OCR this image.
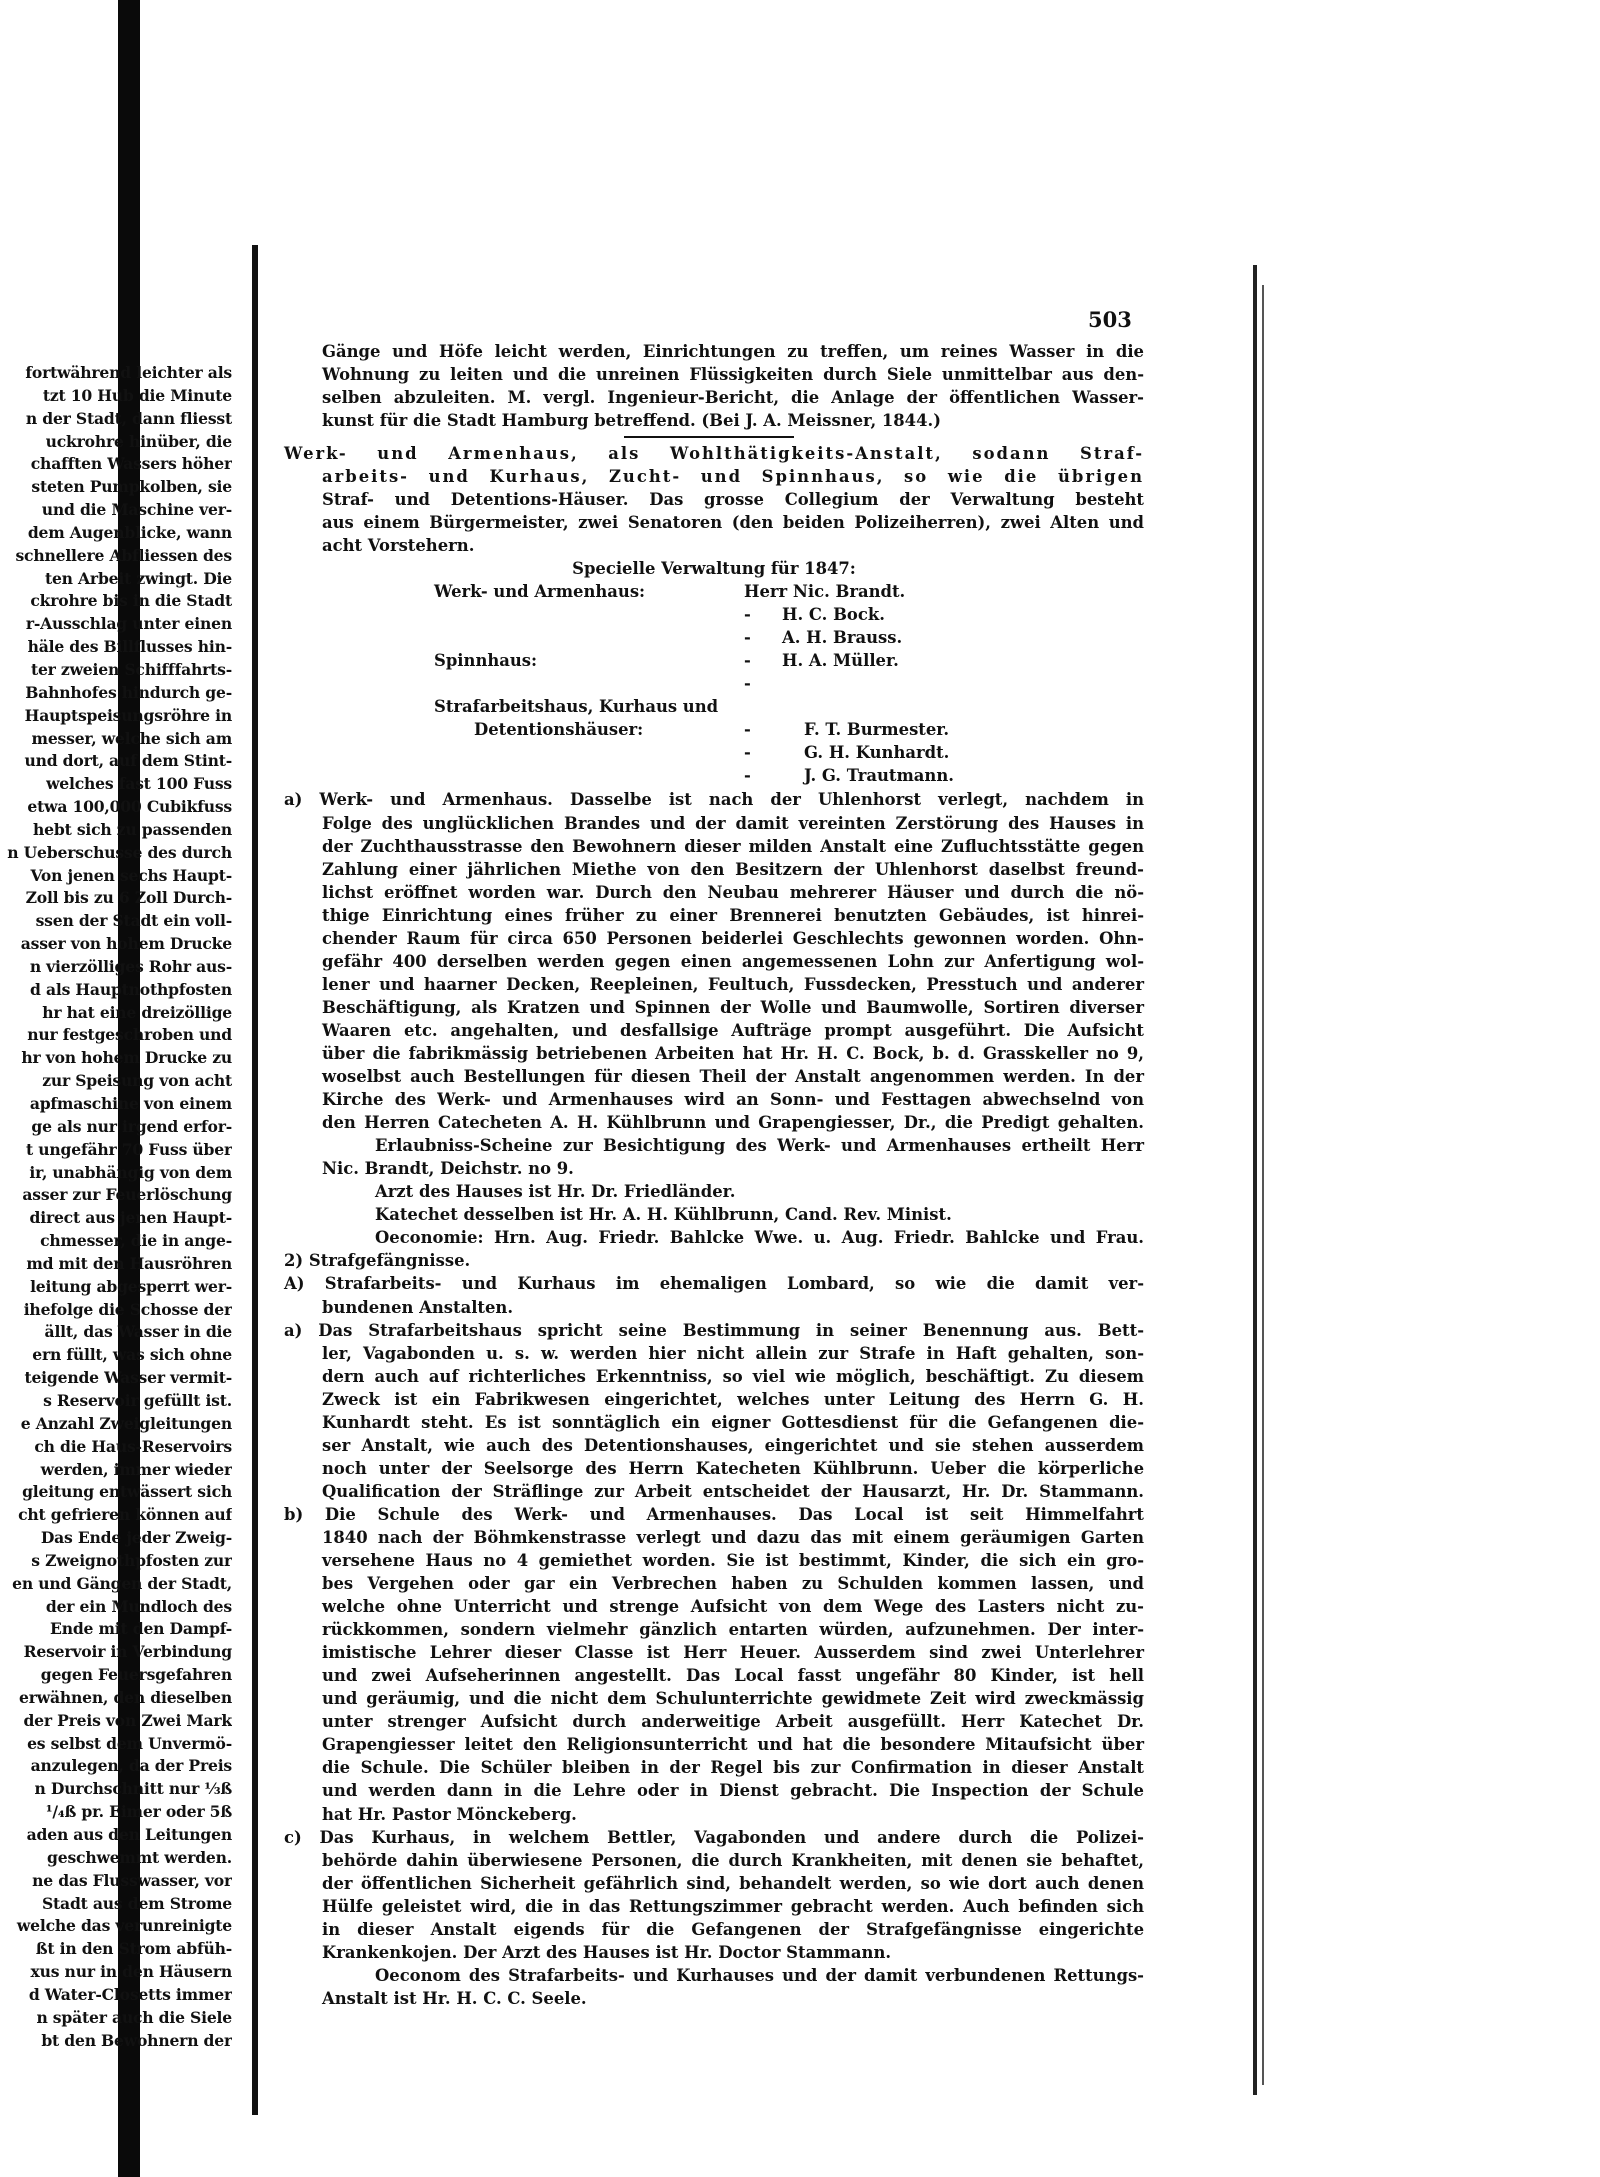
fortwährend leichter als
tzt 10 Hub die Minute
n der Stadt, dann fliesst
uckrohre hinüber, die
chafften Wassers höher
steten Pumpkolben, sie
und die Maschine ver-
dem Augenblicke, wann
schnellere Abfliessen des
ten Arbeit zwingt. Die
ckrohre bis in die Stadt
r-Ausschlag unter einen
häle des Billflusses hin-
ter zweien Schifffahrts-
Bahnhofes hindurch ge-
Hauptspeisungsröhre in
messer, welche sich am
und dort, auf dem Stint-
welches fast 100 Fuss
etwa 100,000 Cubikfuss
hebt sich zu passenden
n Ueberschusse des durch
Von jenen sechs Haupt-
Zoll bis zu 6 Zoll Durch-
ssen der Stadt ein voll-
asser von hohem Drucke
n vierzölliges Rohr aus-
d als Hauptnothpfosten
hr hat eine dreizöllige
nur festgeschroben und
hr von hohem Drucke zu
zur Speisung von acht
apfmaschine von einem
ge als nur irgend erfor-
t ungefähr 70 Fuss über
ir, unabhängig von dem
asser zur Feuerlöschung
direct aus jenen Haupt-
chmesser, die in ange-
md mit den Hausröhren
leitung abgesperrt wer-
ihefolge die Schosse der
ällt, das Wasser in die
ern füllt, was sich ohne
teigende Wasser vermit-
s Reservoir gefüllt ist.
e Anzahl Zweigleitungen
ch die Haus-Reservoirs
werden, immer wieder
gleitung entwässert sich
cht gefrieren können auf
Das Ende jeder Zweig-
s Zweignothpfosten zur
en und Gängen der Stadt,
der ein Mundloch des
Ende mit den Dampf-
Reservoir in Verbindung
gegen Feuersgefahren
erwähnen, den dieselben
der Preis von Zwei Mark
es selbst dem Unvermö-
anzulegen, da der Preis
n Durchschnitt nur ⅓ß
¹/₄ß pr. Eimer oder 5ß
aden aus den Leitungen
geschwemmt werden.
ne das Flusswasser, vor
Stadt aus dem Strome
welche das verunreinigte
ßt in den Strom abfüh-
xus nur in den Häusern
d Water-Closetts immer
n später auch die Siele
bt den Bewohnern der
503
Gänge und Höfe leicht werden, Einrichtungen zu treffen, um reines Wasser in die
Wohnung zu leiten und die unreinen Flüssigkeiten durch Siele unmittelbar aus den-
selben abzuleiten. M. vergl. Ingenieur-Bericht, die Anlage der öffentlichen Wasser-
kunst für die Stadt Hamburg betreffend. (Bei J. A. Meissner, 1844.)
Werk- und Armenhaus, als Wohlthätigkeits-Anstalt, sodann Straf-
arbeits- und Kurhaus, Zucht- und Spinnhaus, so wie die übrigen
Straf- und Detentions-Häuser. Das grosse Collegium der Verwaltung besteht
aus einem Bürgermeister, zwei Senatoren (den beiden Polizeiherren), zwei Alten und
acht Vorstehern.
Specielle Verwaltung für 1847:
Werk- und Armenhaus:
Spinnhaus:
Strafarbeitshaus, Kurhaus und
Detentionshäuser:
-
-
-
-
-
-
-
Herr Nic. Brandt.
H. C. Bock.
A. H. Brauss.
H. A. Müller.
F. T. Burmester.
G. H. Kunhardt.
J. G. Trautmann.
a) Werk- und Armenhaus. Dasselbe ist nach der Uhlenhorst verlegt, nachdem in
Folge des unglücklichen Brandes und der damit vereinten Zerstörung des Hauses in
der Zuchthausstrasse den Bewohnern dieser milden Anstalt eine Zufluchtsstätte gegen
Zahlung einer jährlichen Miethe von den Besitzern der Uhlenhorst daselbst freund-
lichst eröffnet worden war. Durch den Neubau mehrerer Häuser und durch die nö-
thige Einrichtung eines früher zu einer Brennerei benutzten Gebäudes, ist hinrei-
chender Raum für circa 650 Personen beiderlei Geschlechts gewonnen worden. Ohn-
gefähr 400 derselben werden gegen einen angemessenen Lohn zur Anfertigung wol-
lener und haarner Decken, Reepleinen, Feultuch, Fussdecken, Presstuch und anderer
Beschäftigung, als Kratzen und Spinnen der Wolle und Baumwolle, Sortiren diverser
Waaren etc. angehalten, und desfallsige Aufträge prompt ausgeführt. Die Aufsicht
über die fabrikmässig betriebenen Arbeiten hat Hr. H. C. Bock, b. d. Grasskeller no 9,
woselbst auch Bestellungen für diesen Theil der Anstalt angenommen werden. In der
Kirche des Werk- und Armenhauses wird an Sonn- und Festtagen abwechselnd von
den Herren Catecheten A. H. Kühlbrunn und Grapengiesser, Dr., die Predigt gehalten.
Erlaubniss-Scheine zur Besichtigung des Werk- und Armenhauses ertheilt Herr
Nic. Brandt, Deichstr. no 9.
Arzt des Hauses ist Hr. Dr. Friedländer.
Katechet desselben ist Hr. A. H. Kühlbrunn, Cand. Rev. Minist.
Oeconomie: Hrn. Aug. Friedr. Bahlcke Wwe. u. Aug. Friedr. Bahlcke und Frau.
2) Strafgefängnisse.
A) Strafarbeits- und Kurhaus im ehemaligen Lombard, so wie die damit ver-
bundenen Anstalten.
a) Das Strafarbeitshaus spricht seine Bestimmung in seiner Benennung aus. Bett-
ler, Vagabonden u. s. w. werden hier nicht allein zur Strafe in Haft gehalten, son-
dern auch auf richterliches Erkenntniss, so viel wie möglich, beschäftigt. Zu diesem
Zweck ist ein Fabrikwesen eingerichtet, welches unter Leitung des Herrn G. H.
Kunhardt steht. Es ist sonntäglich ein eigner Gottesdienst für die Gefangenen die-
ser Anstalt, wie auch des Detentionshauses, eingerichtet und sie stehen ausserdem
noch unter der Seelsorge des Herrn Katecheten Kühlbrunn. Ueber die körperliche
Qualification der Sträflinge zur Arbeit entscheidet der Hausarzt, Hr. Dr. Stammann.
b) Die Schule des Werk- und Armenhauses. Das Local ist seit Himmelfahrt
1840 nach der Böhmkenstrasse verlegt und dazu das mit einem geräumigen Garten
versehene Haus no 4 gemiethet worden. Sie ist bestimmt, Kinder, die sich ein gro-
bes Vergehen oder gar ein Verbrechen haben zu Schulden kommen lassen, und
welche ohne Unterricht und strenge Aufsicht von dem Wege des Lasters nicht zu-
rückkommen, sondern vielmehr gänzlich entarten würden, aufzunehmen. Der inter-
imistische Lehrer dieser Classe ist Herr Heuer. Ausserdem sind zwei Unterlehrer
und zwei Aufseherinnen angestellt. Das Local fasst ungefähr 80 Kinder, ist hell
und geräumig, und die nicht dem Schulunterrichte gewidmete Zeit wird zweckmässig
unter strenger Aufsicht durch anderweitige Arbeit ausgefüllt. Herr Katechet Dr.
Grapengiesser leitet den Religionsunterricht und hat die besondere Mitaufsicht über
die Schule. Die Schüler bleiben in der Regel bis zur Confirmation in dieser Anstalt
und werden dann in die Lehre oder in Dienst gebracht. Die Inspection der Schule
hat Hr. Pastor Mönckeberg.
c) Das Kurhaus, in welchem Bettler, Vagabonden und andere durch die Polizei-
behörde dahin überwiesene Personen, die durch Krankheiten, mit denen sie behaftet,
der öffentlichen Sicherheit gefährlich sind, behandelt werden, so wie dort auch denen
Hülfe geleistet wird, die in das Rettungszimmer gebracht werden. Auch befinden sich
in dieser Anstalt eigends für die Gefangenen der Strafgefängnisse eingerichte
Krankenkojen. Der Arzt des Hauses ist Hr. Doctor Stammann.
Oeconom des Strafarbeits- und Kurhauses und der damit verbundenen Rettungs-
Anstalt ist Hr. H. C. C. Seele.
